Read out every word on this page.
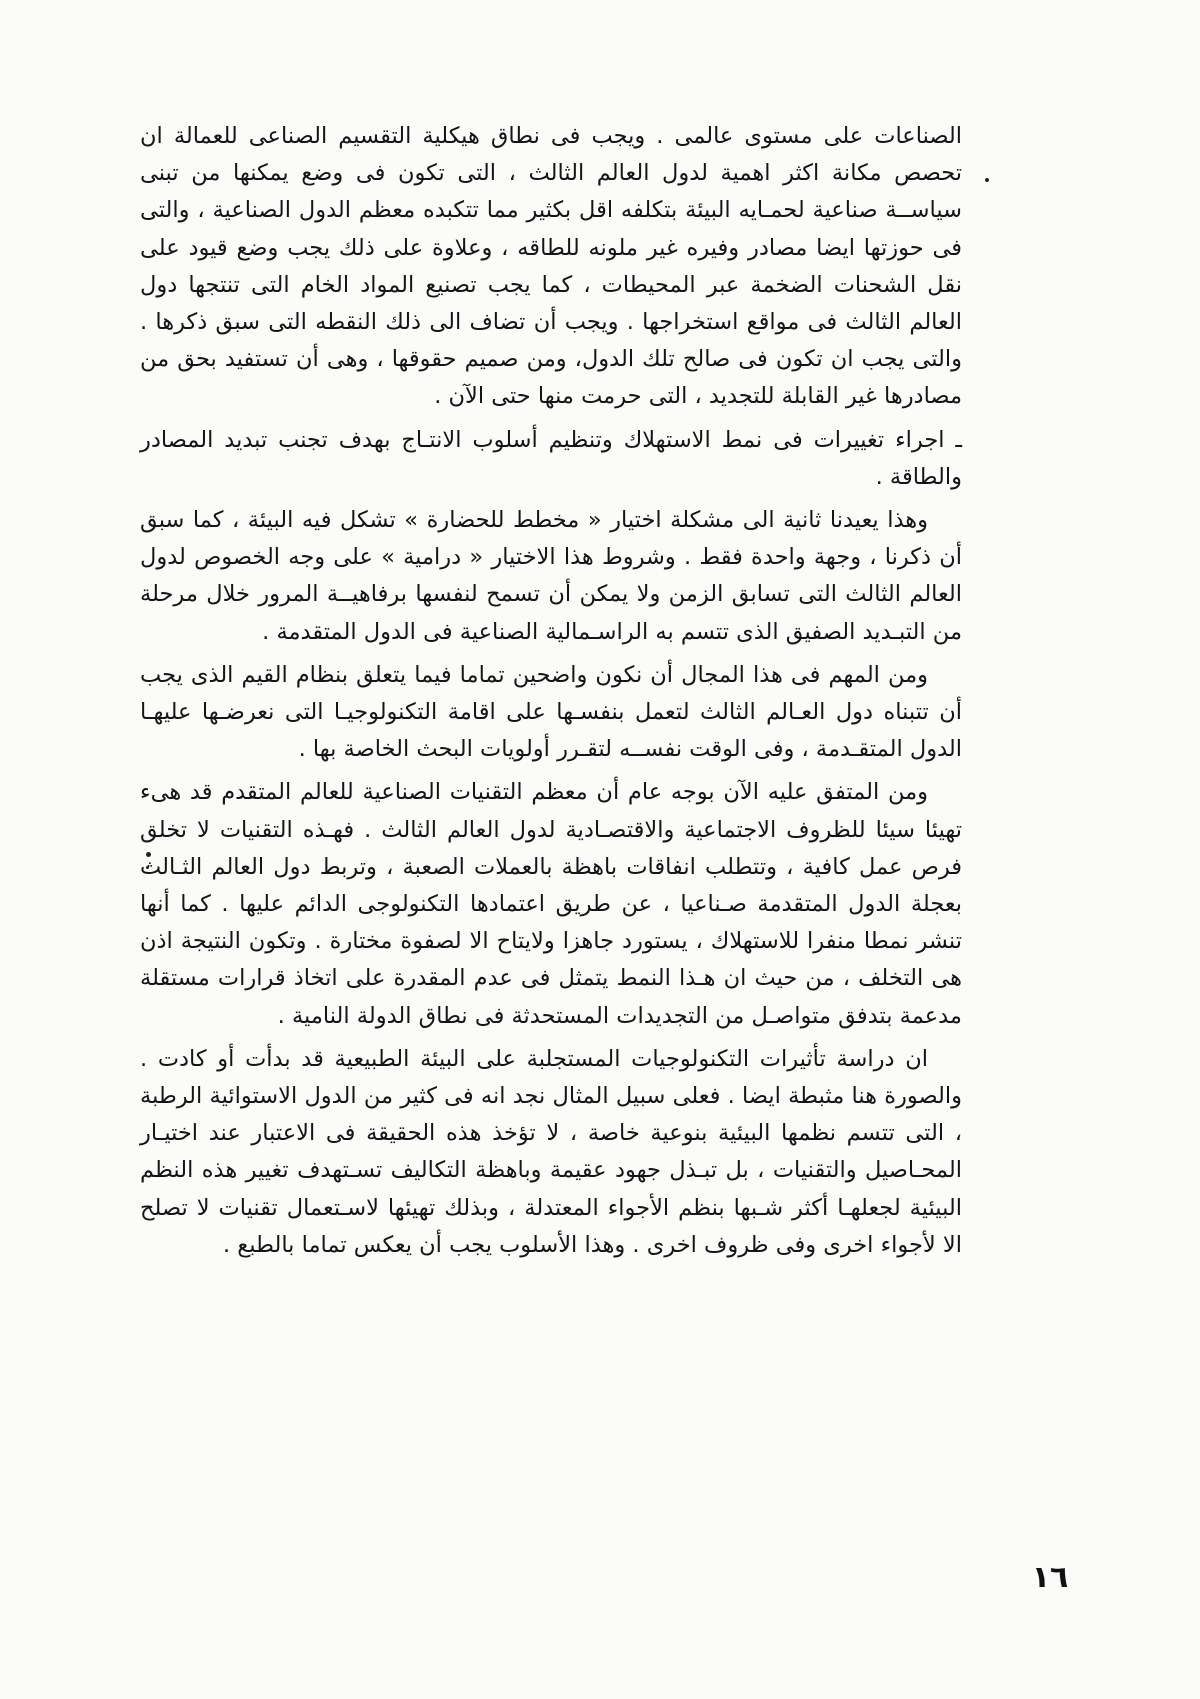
الصناعات على مستوى عالمى . ويجب فى نطاق هيكلية التقسيم الصناعى للعمالة ان تحصص مكانة اكثر اهمية لدول العالم الثالث ، التى تكون فى وضع يمكنها من تبنى سياســة صناعية لحمـايه البيئة بتكلفه اقل بكثير مما تتكبده معظم الدول الصناعية ، والتى فى حوزتها ايضا مصادر وفيره غير ملونه للطاقه ، وعلاوة على ذلك يجب وضع قيود على نقل الشحنات الضخمة عبر المحيطات ، كما يجب تصنيع المواد الخام التى تنتجها دول العالم الثالث فى مواقع استخراجها . ويجب أن تضاف الى ذلك النقطه التى سبق ذكرها . والتى يجب ان تكون فى صالح تلك الدول، ومن صميم حقوقها ، وهى أن تستفيد بحق من مصادرها غير القابلة للتجديد ، التى حرمت منها حتى الآن .

ـ اجراء تغييرات فى نمط الاستهلاك وتنظيم أسلوب الانتـاج بهدف تجنب تبديد المصادر والطاقة .

وهذا يعيدنا ثانية الى مشكلة اختيار « مخطط للحضارة » تشكل فيه البيئة ، كما سبق أن ذكرنا ، وجهة واحدة فقط . وشروط هذا الاختيار « درامية » على وجه الخصوص لدول العالم الثالث التى تسابق الزمن ولا يمكن أن تسمح لنفسها برفاهيــة المرور خلال مرحلة من التبـديد الصفيق الذى تتسم به الراسـمالية الصناعية فى الدول المتقدمة .

ومن المهم فى هذا المجال أن نكون واضحين تماما فيما يتعلق بنظام القيم الذى يجب أن تتبناه دول العـالم الثالث لتعمل بنفسـها على اقامة التكنولوجيـا التى نعرضـها عليهـا الدول المتقـدمة ، وفى الوقت نفســه لتقـرر أولويات البحث الخاصة بها .

ومن المتفق عليه الآن بوجه عام أن معظم التقنيات الصناعية للعالم المتقدم قد هىء تهيئا سيئا للظروف الاجتماعية والاقتصـادية لدول العالم الثالث . فهـذه التقنيات لا تخلق فرص عمل كافية ، وتتطلب انفاقات باهظة بالعملات الصعبة ، وتربط دول العالم الثـالث بعجلة الدول المتقدمة صـناعيا ، عن طريق اعتمادها التكنولوجى الدائم عليها . كما أنها تنشر نمطا منفرا للاستهلاك ، يستورد جاهزا ولايتاح الا لصفوة مختارة . وتكون النتيجة اذن هى التخلف ، من حيث ان هـذا النمط يتمثل فى عدم المقدرة على اتخاذ قرارات مستقلة مدعمة بتدفق متواصـل من التجديدات المستحدثة فى نطاق الدولة النامية .

ان دراسة تأثيرات التكنولوجيات المستجلبة على البيئة الطبيعية قد بدأت أو كادت . والصورة هنا مثبطة ايضا . فعلى سبيل المثال نجد انه فى كثير من الدول الاستوائية الرطبة ، التى تتسم نظمها البيئية بنوعية خاصة ، لا تؤخذ هذه الحقيقة فى الاعتبار عند اختيـار المحـاصيل والتقنيات ، بل تبـذل جهود عقيمة وباهظة التكاليف تسـتهدف تغيير هذه النظم البيئية لجعلهـا أكثر شـبها بنظم الأجواء المعتدلة ، وبذلك تهيئها لاسـتعمال تقنيات لا تصلح الا لأجواء اخرى وفى ظروف اخرى . وهذا الأسلوب يجب أن يعكس تماما بالطبع .

١٦
